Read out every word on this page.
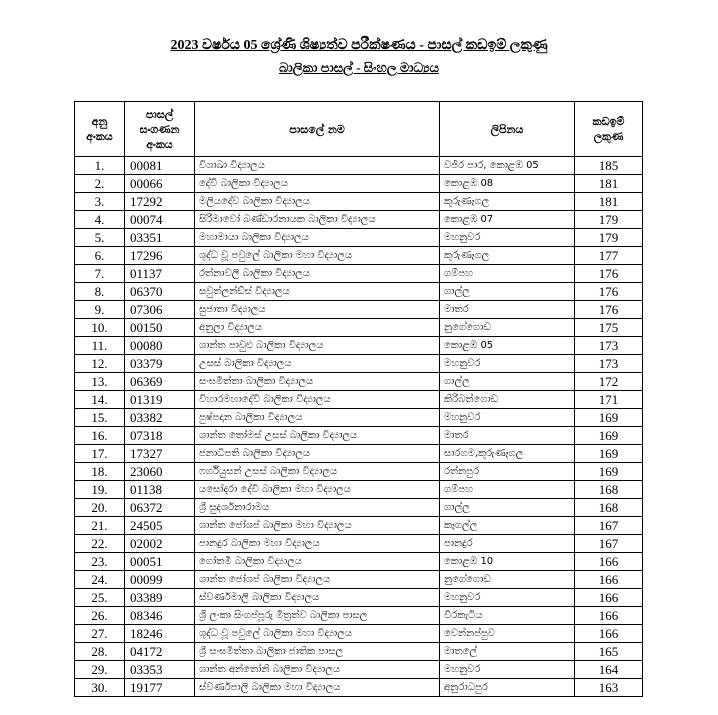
2023 වර්ෂය 05 ශ්‍රේණි ශිෂ්‍යත්ව පරීක්ෂණය - පාසල් කඩඉම් ලකුණු
බාලිකා පාසල් - සිංහල මාධ්‍යය
අනු අංකය	පාසල් සංගණන අංකය	පාසලේ නම	ලිපිනය	කඩඉම් ලකුණ
1.	00081	විශාඛා විද්‍යාලය	වජිර පාර, කොළඹ 05	185
2.	00066	දේවි බාලිකා විද්‍යාලය	කොළඹ 08	181
3.	17292	මලියදේව බාලිකා විද්‍යාලය	කුරුණෑගල	181
4.	00074	සිරිමාවෝ බණ්ඩාරනායක බාලිකා විද්‍යාලය	කොළඹ 07	179
5.	03351	මහාමායා බාලිකා විද්‍යාලය	මහනුවර	179
6.	17296	ශුද්ධ වූ පවුලේ බාලිකා මහා විද්‍යාලය	කුරුණෑගල	177
7.	01137	රත්නාවලී බාලිකා විද්‍යාලය	ගම්පහ	176
8.	06370	සවුත්ලන්ඩ්ස් විද්‍යාලය	ගාල්ල	176
9.	07306	සුජාතා විද්‍යාලය	මාතර	176
10.	00150	අනුලා විද්‍යාලය	නුගේගොඩ	175
11.	00080	ශාන්ත පාවුළු බාලිකා විද්‍යාලය	කොළඹ 05	173
12.	03379	උසස් බාලිකා විද්‍යාලය	මහනුවර	173
13.	06369	සංඝමිත්තා බාලිකා විද්‍යාලය	ගාල්ල	172
14.	01319	විහාරමහාදේවි බාලිකා විද්‍යාලය	කිරිබත්ගොඩ	171
15.	03382	පුෂ්පදාන බාලිකා විද්‍යාලය	මහනුවර	169
16.	07318	ශාන්ත තෝමස් උසස් බාලිකා විද්‍යාලය	මාතර	169
17.	17327	ජනාධිපති බාලිකා විද්‍යාලය	සාරගම,කුරුණෑගල	169
18.	23060	ෆර්ගියුසන් උසස් බාලිකා විද්‍යාලය	රත්නපුර	169
19.	01138	යසෝදරා දේවි බාලිකා මහා විද්‍යාලය	ගම්පහ	168
20.	06372	ශ්‍රී සුදර්ශනාරාමය	ගාල්ල	168
21.	24505	ශාන්ත ජෝශප් බාලිකා මහා විද්‍යාලය	කෑගල්ල	167
22.	02002	පානදුර බාලිකා මහා විද්‍යාලය	පානදුර	167
23.	00051	ගෝතමී බාලිකා විද්‍යාලය	කොළඹ 10	166
24.	00099	ශාන්ත ජෝශප් බාලිකා විද්‍යාලය	නුගේගොඩ	166
25.	03389	ස්වර්ණමාලි බාලිකා විද්‍යාලය	මහනුවර	166
26.	08346	ශ්‍රී ලංකා සිංගප්පූරු මිත්‍රත්ව බාලිකා පාසල	වීරකැටිය	166
27.	18246	ශුද්ධ වූ පවුලේ බාලිකා මහා විද්‍යාලය	වෙන්නප්පුව	166
28.	04172	ශ්‍රී සංඝමිත්තා බාලිකා ජාතික පාසල	මාතලේ	165
29.	03353	ශාන්ත අන්තෝනි බාලිකා විද්‍යාලය	මහනුවර	164
30.	19177	ස්වර්ණපාලි බාලිකා මහා විද්‍යාලය	අනුරාධපුර	163
